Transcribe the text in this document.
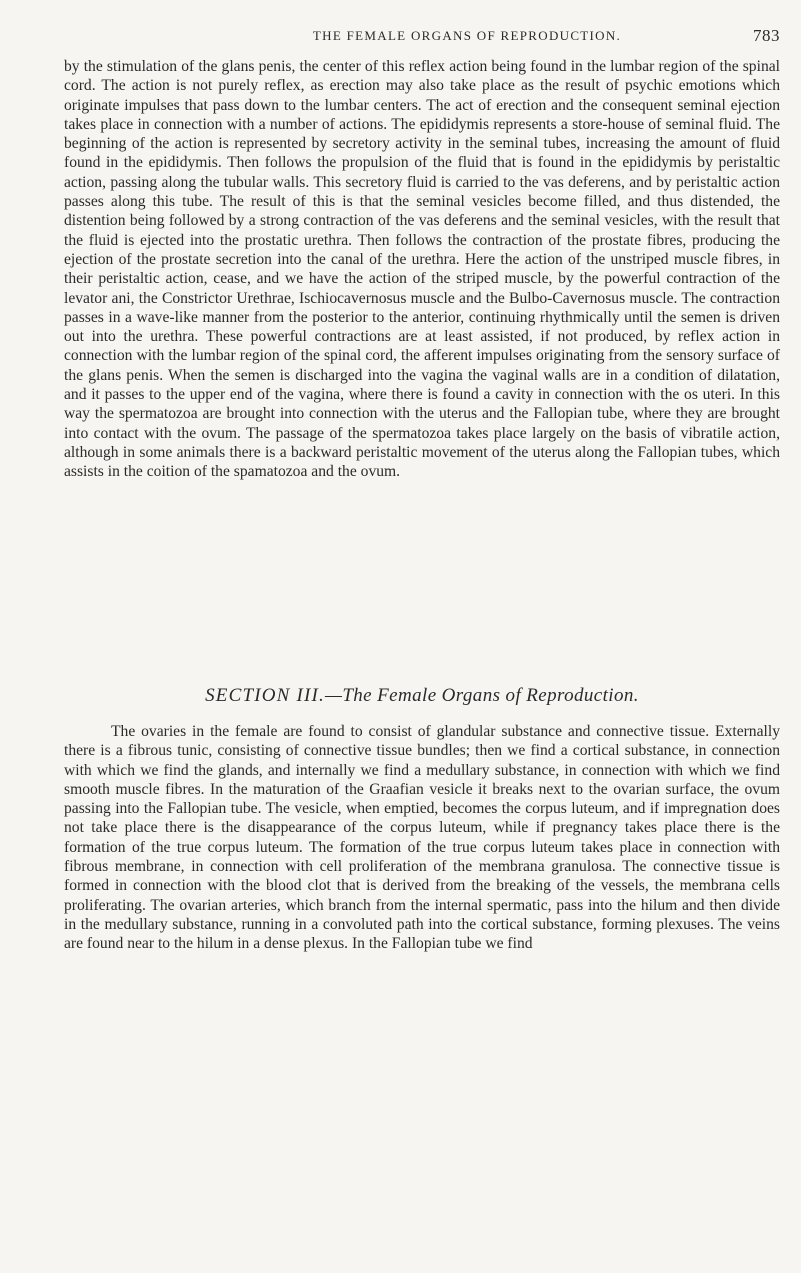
THE FEMALE ORGANS OF REPRODUCTION.	783

by the stimulation of the glans penis, the center of this reflex action being found in the lumbar region of the spinal cord. The action is not purely reflex, as erection may also take place as the result of psychic emotions which originate impulses that pass down to the lumbar centers. The act of erection and the consequent seminal ejection takes place in connection with a number of actions. The epididymis represents a store-house of seminal fluid. The beginning of the action is represented by secretory activity in the seminal tubes, increasing the amount of fluid found in the epididymis. Then follows the propulsion of the fluid that is found in the epididymis by peristaltic action, passing along the tubular walls. This secretory fluid is carried to the vas deferens, and by peristaltic action passes along this tube. The result of this is that the seminal vesicles become filled, and thus distended, the distention being followed by a strong contraction of the vas deferens and the seminal vesicles, with the result that the fluid is ejected into the prostatic urethra. Then follows the contraction of the prostate fibres, producing the ejection of the prostate secretion into the canal of the urethra. Here the action of the unstriped muscle fibres, in their peristaltic action, cease, and we have the action of the striped muscle, by the powerful contraction of the levator ani, the Constrictor Urethrae, Ischiocavernosus muscle and the Bulbo-Cavernosus muscle. The contraction passes in a wave-like manner from the posterior to the anterior, continuing rhythmically until the semen is driven out into the urethra. These powerful contractions are at least assisted, if not produced, by reflex action in connection with the lumbar region of the spinal cord, the afferent impulses originating from the sensory surface of the glans penis. When the semen is discharged into the vagina the vaginal walls are in a condition of dilatation, and it passes to the upper end of the vagina, where there is found a cavity in connection with the os uteri. In this way the spermatozoa are brought into connection with the uterus and the Fallopian tube, where they are brought into contact with the ovum. The passage of the spermatozoa takes place largely on the basis of vibratile action, although in some animals there is a backward peristaltic movement of the uterus along the Fallopian tubes, which assists in the coition of the spamatozoa and the ovum.

SECTION III.—The Female Organs of Reproduction.

The ovaries in the female are found to consist of glandular substance and connective tissue. Externally there is a fibrous tunic, consisting of connective tissue bundles; then we find a cortical substance, in connection with which we find the glands, and internally we find a medullary substance, in connection with which we find smooth muscle fibres. In the maturation of the Graafian vesicle it breaks next to the ovarian surface, the ovum passing into the Fallopian tube. The vesicle, when emptied, becomes the corpus luteum, and if impregnation does not take place there is the disappearance of the corpus luteum, while if pregnancy takes place there is the formation of the true corpus luteum. The formation of the true corpus luteum takes place in connection with fibrous membrane, in connection with cell proliferation of the membrana granulosa. The connective tissue is formed in connection with the blood clot that is derived from the breaking of the vessels, the membrana cells proliferating. The ovarian arteries, which branch from the internal spermatic, pass into the hilum and then divide in the medullary substance, running in a convoluted path into the cortical substance, forming plexuses. The veins are found near to the hilum in a dense plexus. In the Fallopian tube we find
